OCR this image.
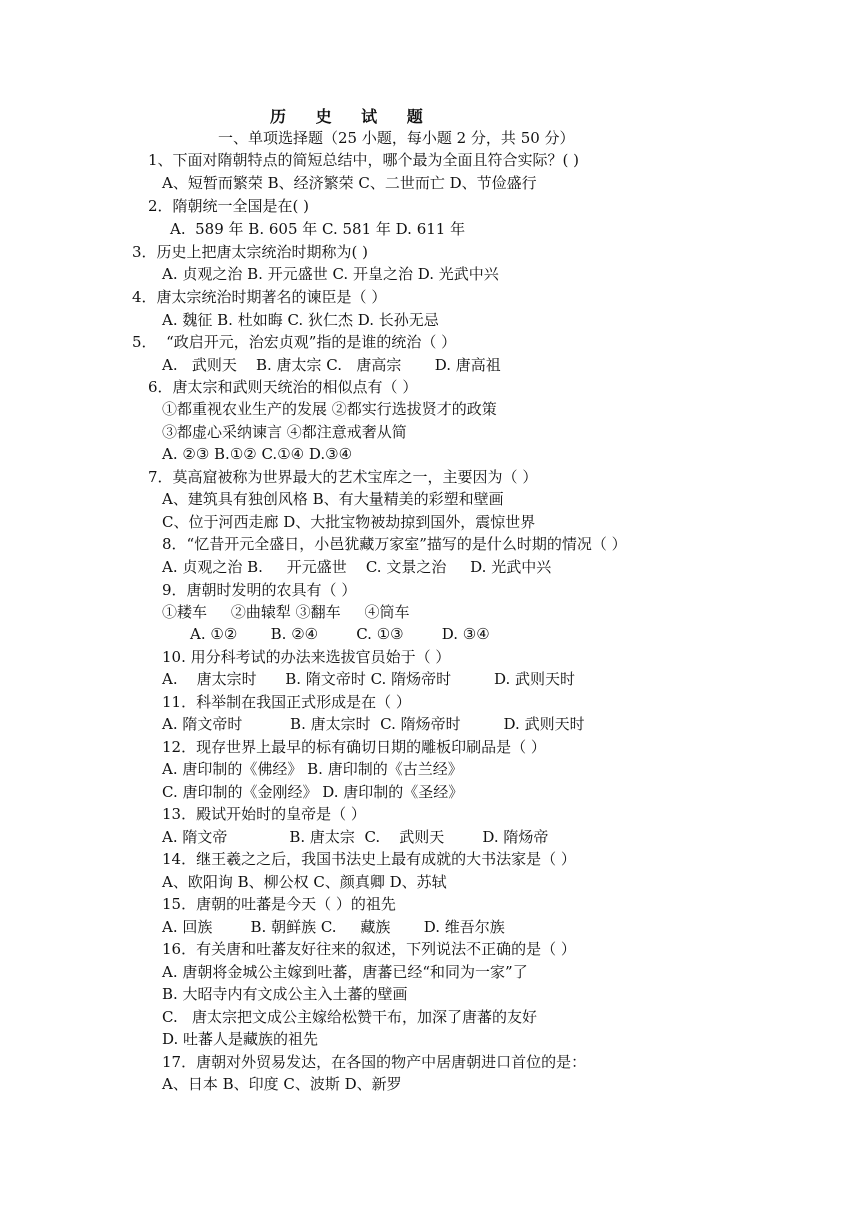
历 史 试 题
一、单项选择题（25 小题，每小题 2 分，共 50 分）
1、下面对隋朝特点的简短总结中，哪个最为全面且符合实际？( )
A、短暂而繁荣 B、经济繁荣 C、二世而亡 D、节俭盛行
2．隋朝统一全国是在( )
A.  589 年 B. 605 年 C. 581 年 D. 611 年
3．历史上把唐太宗统治时期称为( )
A. 贞观之治 B. 开元盛世 C. 开皇之治 D. 光武中兴
4．唐太宗统治时期著名的谏臣是（ ）
A. 魏征 B. 杜如晦 C. 狄仁杰 D. 长孙无忌
5．  “政启开元，治宏贞观”指的是谁的统治（ ）
A.   武则天    B. 唐太宗 C.   唐高宗       D. 唐高祖
6．唐太宗和武则天统治的相似点有（ ）
①都重视农业生产的发展 ②都实行选拔贤才的政策
③都虚心采纳谏言 ④都注意戒奢从简
A. ②③ B.①② C.①④ D.③④
7．莫高窟被称为世界最大的艺术宝库之一，主要因为（ ）
A、建筑具有独创风格 B、有大量精美的彩塑和壁画
C、位于河西走廊 D、大批宝物被劫掠到国外，震惊世界
8．“忆昔开元全盛日，小邑犹藏万家室”描写的是什么时期的情况（ ）
A. 贞观之治 B.     开元盛世    C. 文景之治     D. 光武中兴
9．唐朝时发明的农具有（ ）
①耧车     ②曲辕犁 ③翻车     ④筒车
A. ①②       B. ②④        C. ①③        D. ③④
10. 用分科考试的办法来选拔官员始于（ ）
A.    唐太宗时      B. 隋文帝时 C. 隋炀帝时         D. 武则天时
11．科举制在我国正式形成是在（ ）
A. 隋文帝时          B. 唐太宗时  C. 隋炀帝时         D. 武则天时
12．现存世界上最早的标有确切日期的雕板印刷品是（ ）
A. 唐印制的《佛经》 B. 唐印制的《古兰经》
C. 唐印制的《金刚经》 D. 唐印制的《圣经》
13．殿试开始时的皇帝是（ ）
A. 隋文帝             B. 唐太宗  C.    武则天        D. 隋炀帝
14．继王羲之之后，我国书法史上最有成就的大书法家是（ ）
A、欧阳询 B、柳公权 C、颜真卿 D、苏轼
15．唐朝的吐蕃是今天（ ）的祖先
A. 回族        B. 朝鲜族 C.     藏族       D. 维吾尔族
16．有关唐和吐蕃友好往来的叙述，下列说法不正确的是（ ）
A. 唐朝将金城公主嫁到吐蕃，唐蕃已经“和同为一家”了
B. 大昭寺内有文成公主入土蕃的壁画
C.   唐太宗把文成公主嫁给松赞干布，加深了唐蕃的友好
D. 吐蕃人是藏族的祖先
17．唐朝对外贸易发达，在各国的物产中居唐朝进口首位的是：
A、日本 B、印度 C、波斯 D、新罗
